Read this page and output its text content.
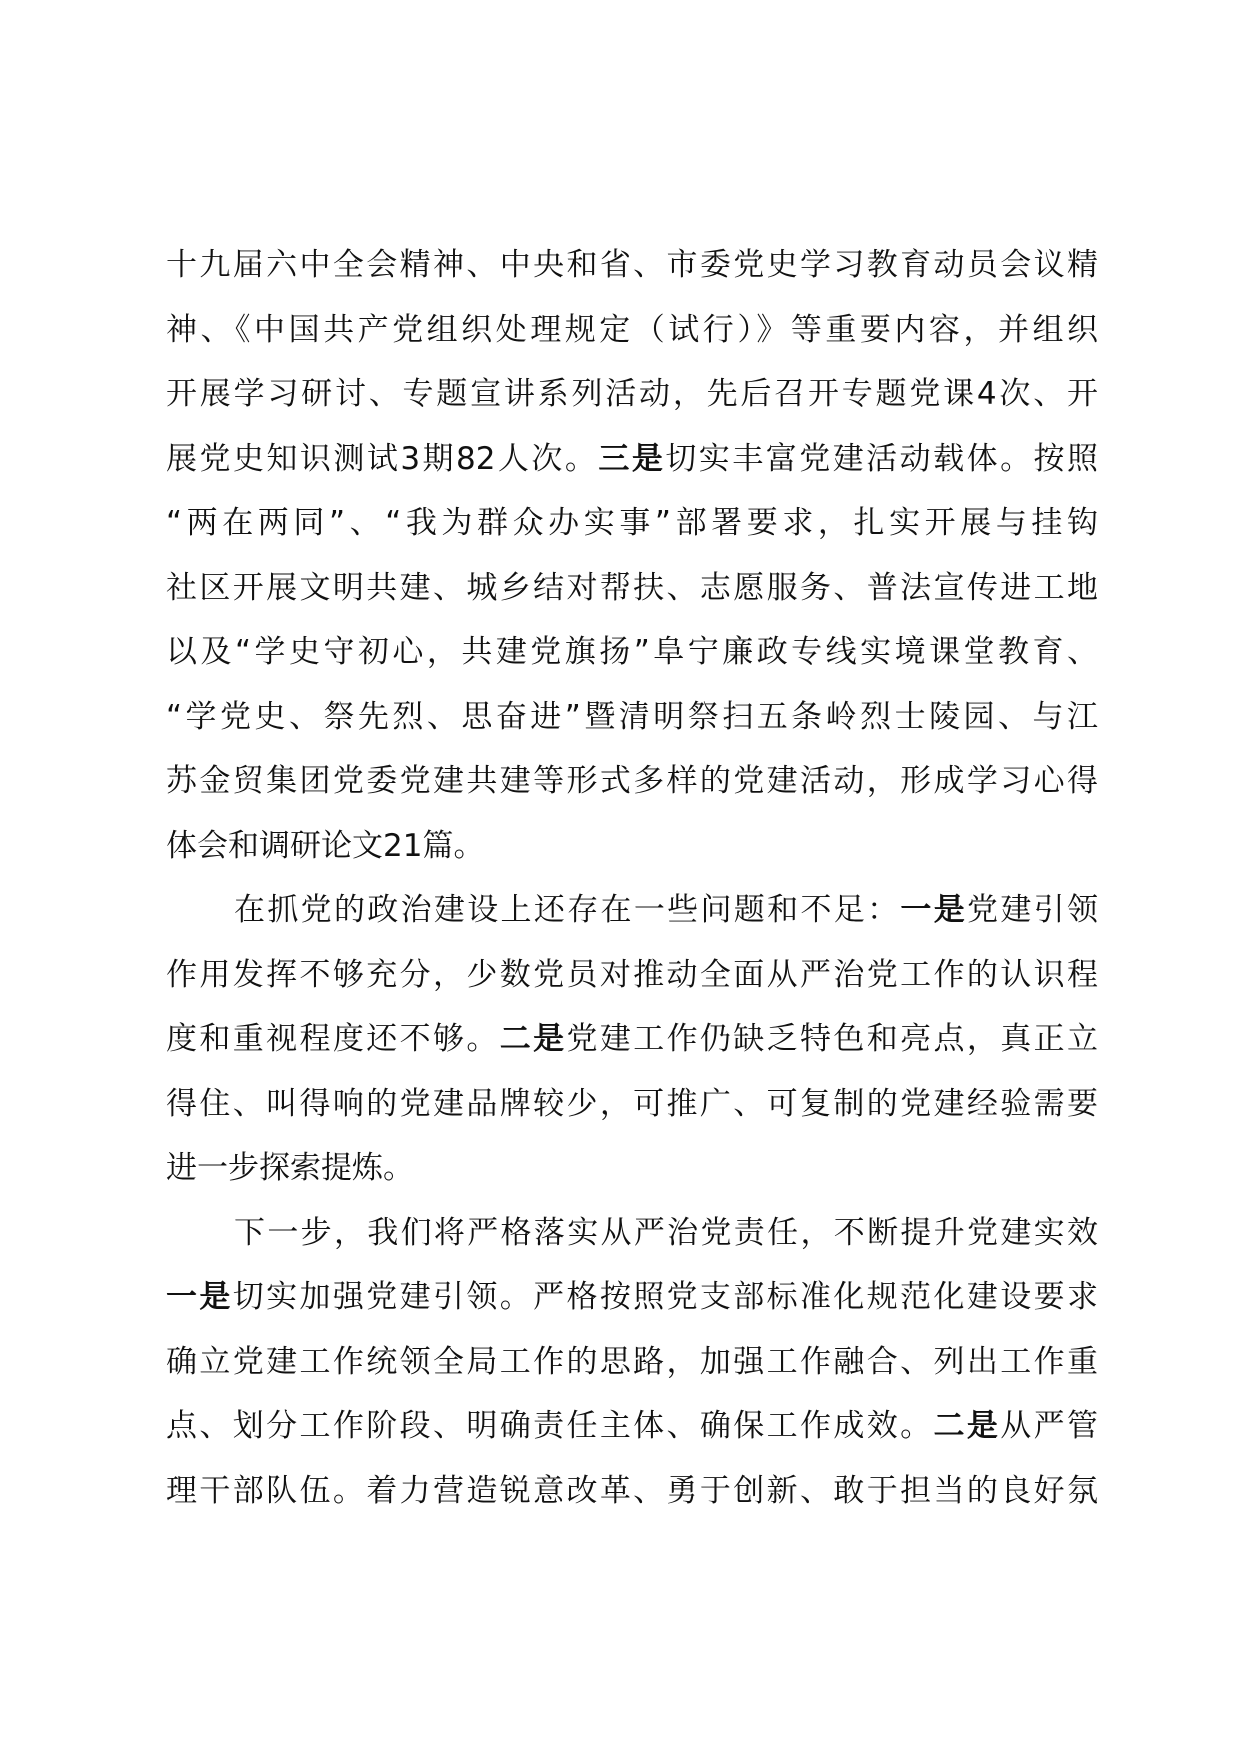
十九届六中全会精神、中央和省、市委党史学习教育动员会议精
神、《中国共产党组织处理规定（试行）》等重要内容，并组织
开展学习研讨、专题宣讲系列活动，先后召开专题党课4次、开
展党史知识测试3期82人次。三是切实丰富党建活动载体。按照
“两在两同”、“我为群众办实事”部署要求，扎实开展与挂钩
社区开展文明共建、城乡结对帮扶、志愿服务、普法宣传进工地
以及“学史守初心，共建党旗扬”阜宁廉政专线实境课堂教育、
“学党史、祭先烈、思奋进”暨清明祭扫五条岭烈士陵园、与江
苏金贸集团党委党建共建等形式多样的党建活动，形成学习心得
体会和调研论文21篇。
在抓党的政治建设上还存在一些问题和不足：一是党建引领
作用发挥不够充分，少数党员对推动全面从严治党工作的认识程
度和重视程度还不够。二是党建工作仍缺乏特色和亮点，真正立
得住、叫得响的党建品牌较少，可推广、可复制的党建经验需要
进一步探索提炼。
下一步，我们将严格落实从严治党责任，不断提升党建实效
一是切实加强党建引领。严格按照党支部标准化规范化建设要求
确立党建工作统领全局工作的思路，加强工作融合、列出工作重
点、划分工作阶段、明确责任主体、确保工作成效。二是从严管
理干部队伍。着力营造锐意改革、勇于创新、敢于担当的良好氛
